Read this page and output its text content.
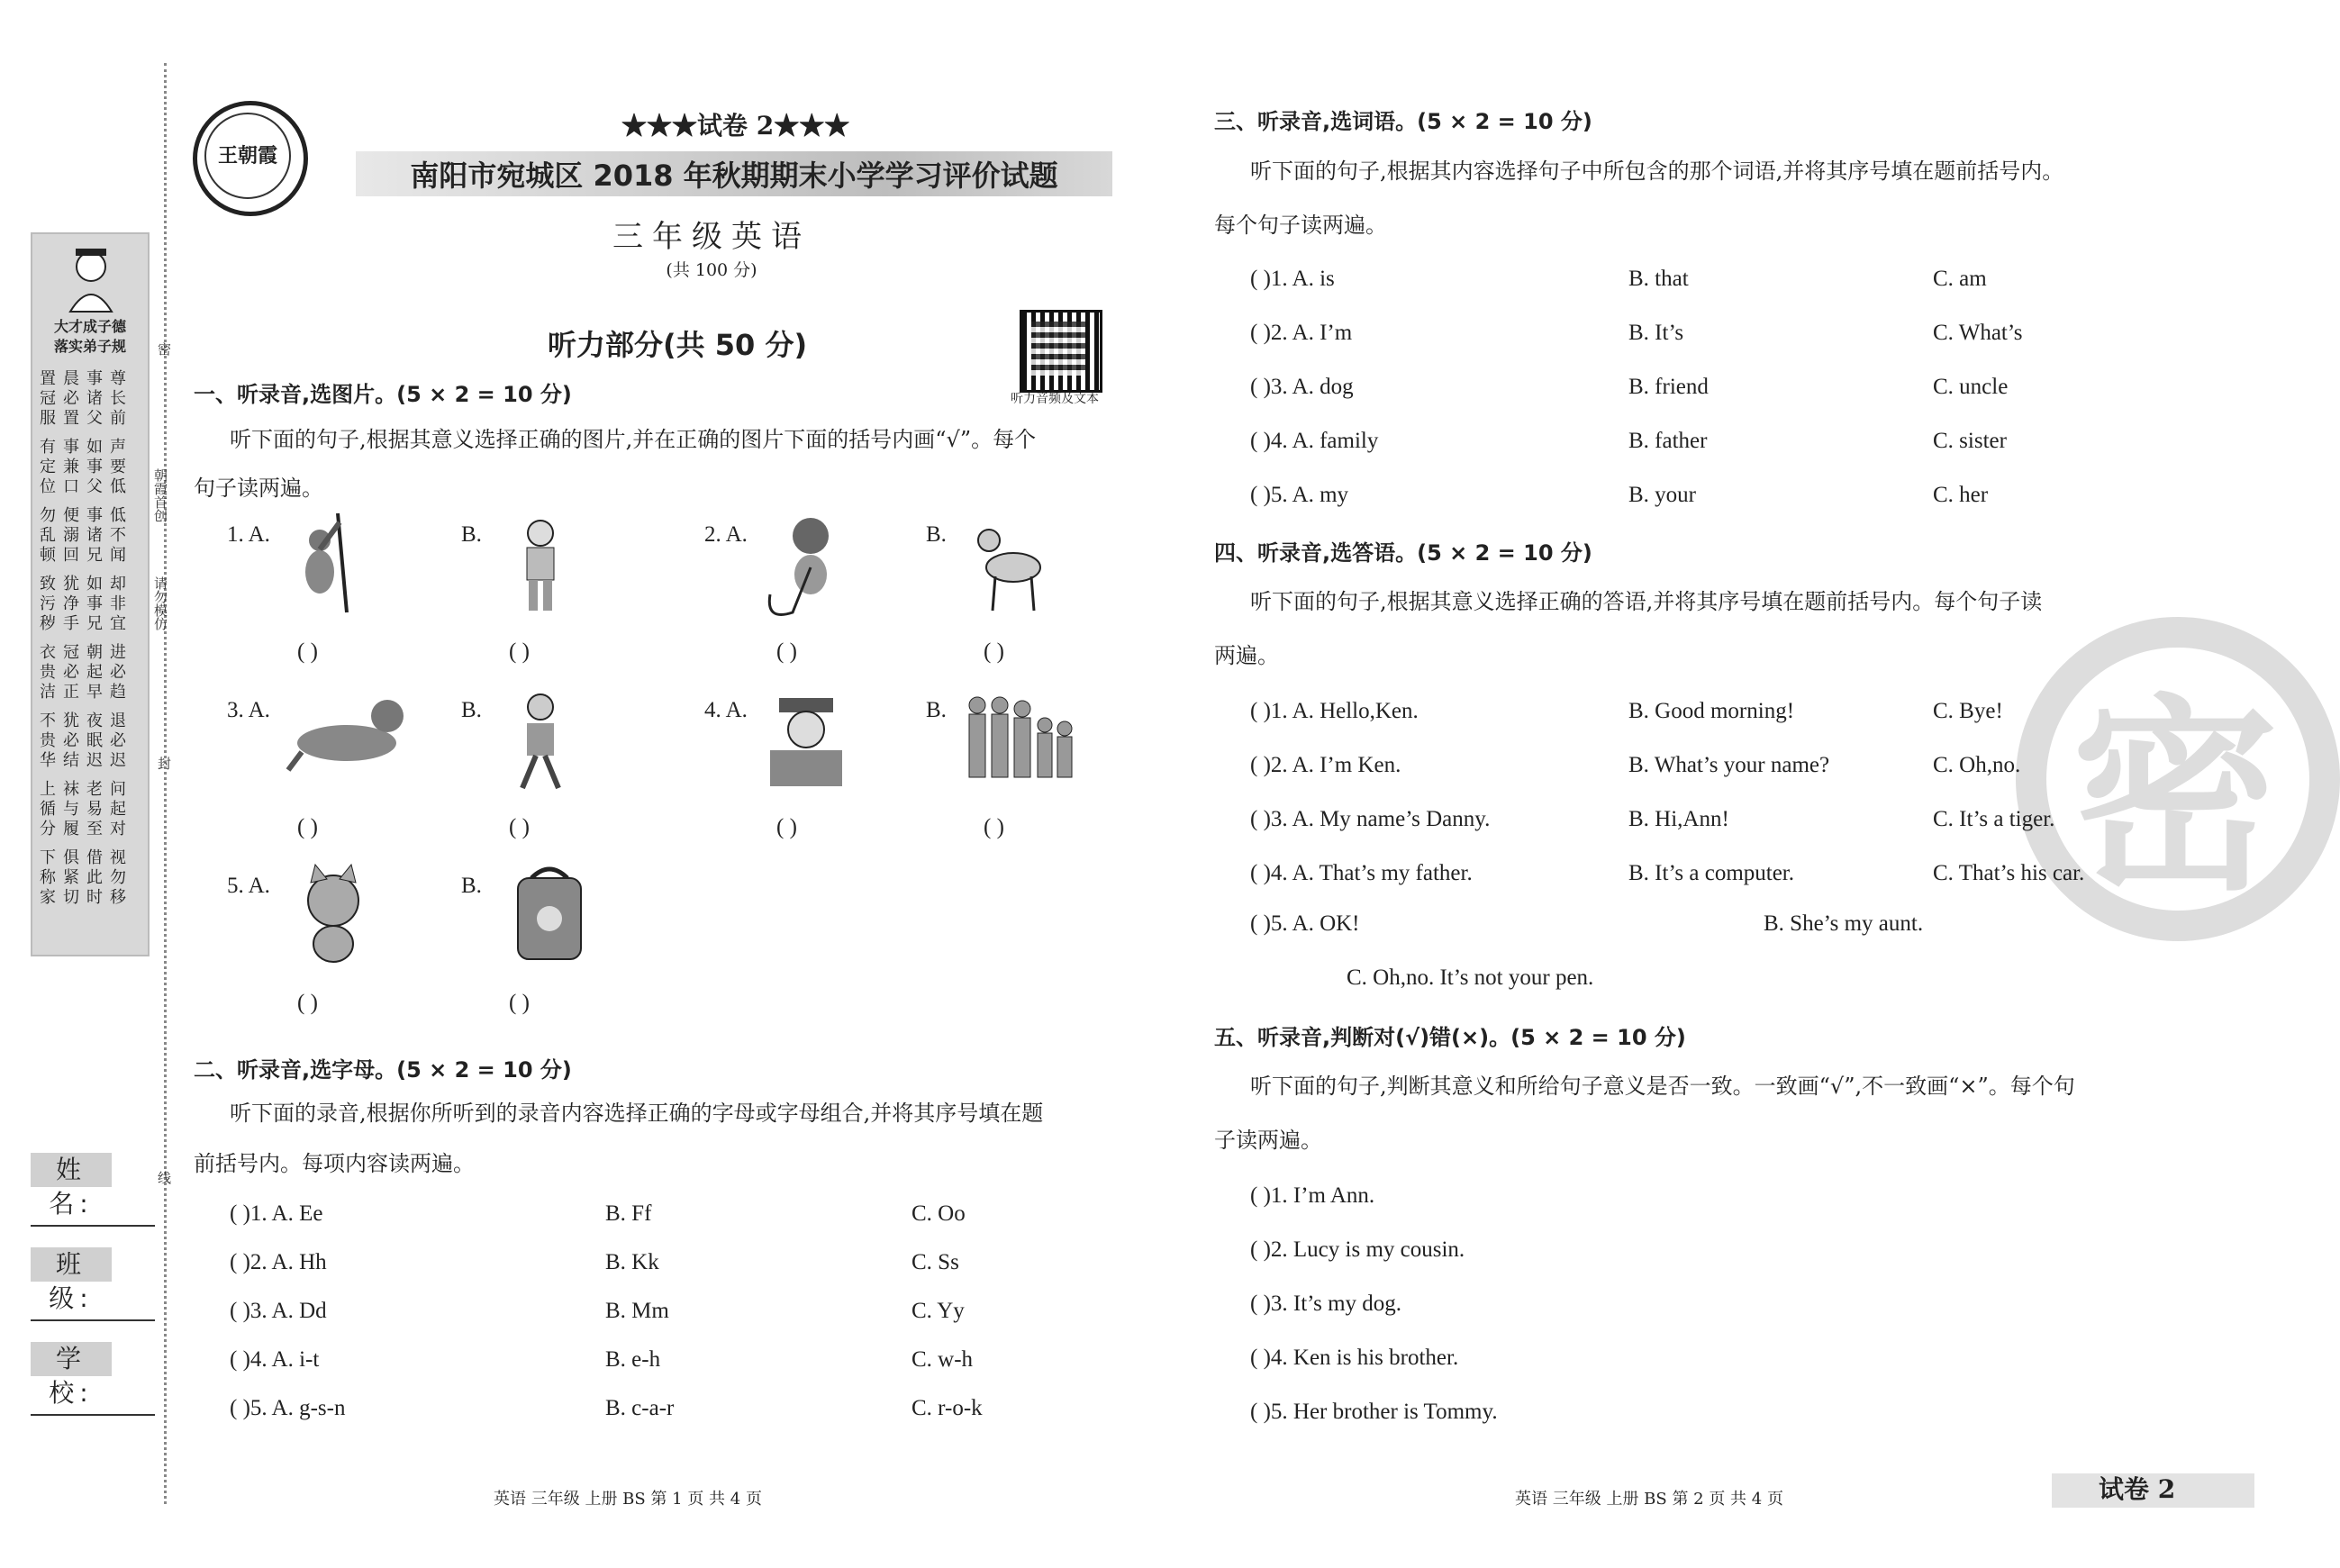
大才成子德
落实弟子规
置晨事尊
冠必诸长
服置父前
有事如声
定兼事要
位口父低
勿便事低
乱溺诸不
顿回兄闻
致犹如却
污净事非
秽手兄宜
衣冠朝进
贵必起必
洁正早趋
不犹夜退
贵必眠必
华结迟迟
上袜老问
循与易起
分履至对
下俱借视
称紧此勿
家切时移
密
朝霞首创
请勿模仿
封
线
姓 名:
班 级:
学 校:
王朝霞
南阳市宛城区 2018 年秋期期末小学学习评价试题
★★★试卷 2★★★
三年级英语
(共 100 分)
听力音频及文本
听力部分(共 50 分)
一、听录音,选图片。(5 × 2 = 10 分)
听下面的句子,根据其意义选择正确的图片,并在正确的图片下面的括号内画“√”。每个
句子读两遍。
1. A.	B.
( )	( )
2. A.	B.
( )	( )
3. A.	B.
( )	( )
4. A.	B.
( )	( )
5. A.	B.
( )	( )
二、听录音,选字母。(5 × 2 = 10 分)
听下面的录音,根据你所听到的录音内容选择正确的字母或字母组合,并将其序号填在题
前括号内。每项内容读两遍。
( )1. A. Ee	B. Ff	C. Oo
( )2. A. Hh	B. Kk	C. Ss
( )3. A. Dd	B. Mm	C. Yy
( )4. A. i-t	B. e-h	C. w-h
( )5. A. g-s-n	B. c-a-r	C. r-o-k
英语 三年级 上册 BS 第 1 页 共 4 页
密
三、听录音,选词语。(5 × 2 = 10 分)
听下面的句子,根据其内容选择句子中所包含的那个词语,并将其序号填在题前括号内。
每个句子读两遍。
( )1. A. is	B. that	C. am
( )2. A. I’m	B. It’s	C. What’s
( )3. A. dog	B. friend	C. uncle
( )4. A. family	B. father	C. sister
( )5. A. my	B. your	C. her
四、听录音,选答语。(5 × 2 = 10 分)
听下面的句子,根据其意义选择正确的答语,并将其序号填在题前括号内。每个句子读
两遍。
( )1. A. Hello,Ken.	B. Good morning!	C. Bye!
( )2. A. I’m Ken.	B. What’s your name?	C. Oh,no.
( )3. A. My name’s Danny.	B. Hi,Ann!	C. It’s a tiger.
( )4. A. That’s my father.	B. It’s a computer.	C. That’s his car.
( )5. A. OK!	B. She’s my aunt.
C. Oh,no. It’s not your pen.
五、听录音,判断对(√)错(×)。(5 × 2 = 10 分)
听下面的句子,判断其意义和所给句子意义是否一致。一致画“√”,不一致画“×”。每个句
子读两遍。
( )1. I’m Ann.
( )2. Lucy is my cousin.
( )3. It’s my dog.
( )4. Ken is his brother.
( )5. Her brother is Tommy.
英语 三年级 上册 BS 第 2 页 共 4 页	试卷 2
